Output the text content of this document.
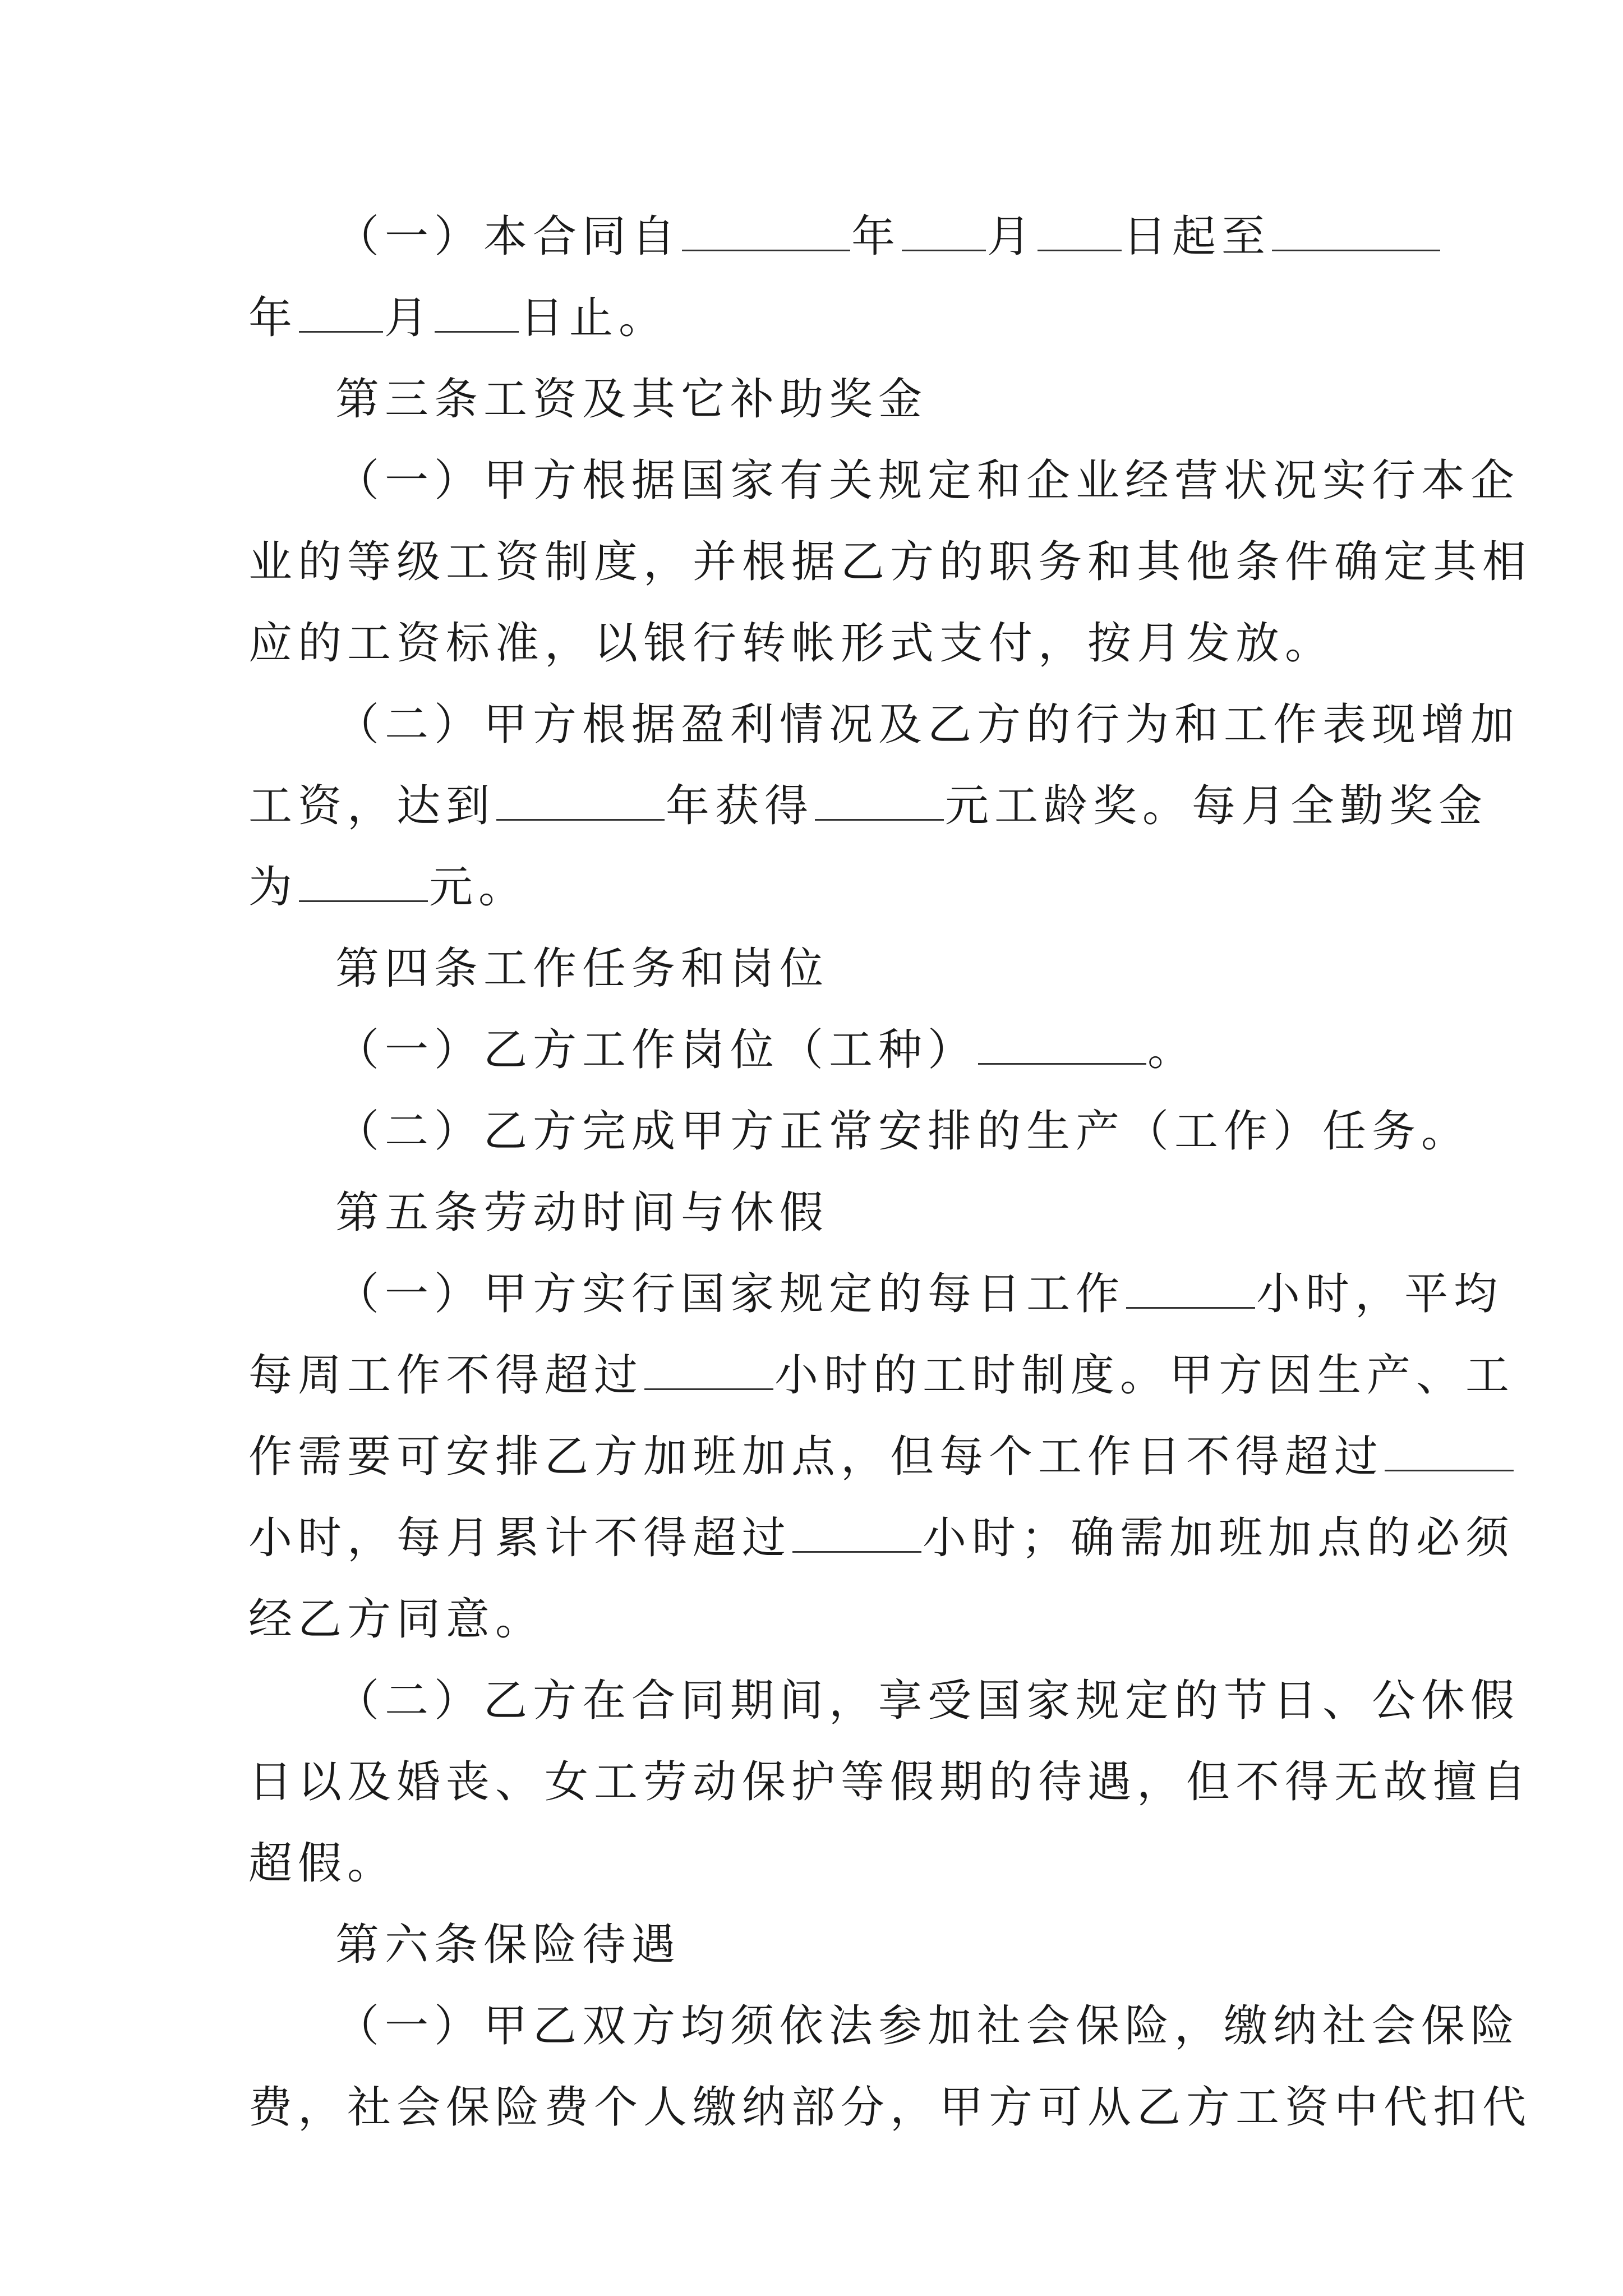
（一）本合同自	年 月 日起至
年 月 日止。
第三条工资及其它补助奖金
（一）甲方根据国家有关规定和企业经营状况实行本企
业的等级工资制度，并根据乙方的职务和其他条件确定其相
应的工资标准，以银行转帐形式支付，按月发放。
（二）甲方根据盈利情况及乙方的行为和工作表现增加
工资，达到	年获得	元工龄奖。每月全勤奖金
为	元。
第四条工作任务和岗位
（一）乙方工作岗位（工种）	。
（二）乙方完成甲方正常安排的生产（工作）任务。
第五条劳动时间与休假
（一）甲方实行国家规定的每日工作	小时，平均
每周工作不得超过	小时的工时制度。甲方因生产、工
作需要可安排乙方加班加点，但每个工作日不得超过
小时，每月累计不得超过	小时；确需加班加点的必须
经乙方同意。
（二）乙方在合同期间，享受国家规定的节日、公休假
日以及婚丧、女工劳动保护等假期的待遇，但不得无故擅自
超假。
第六条保险待遇
（一）甲乙双方均须依法参加社会保险，缴纳社会保险
费，社会保险费个人缴纳部分，甲方可从乙方工资中代扣代
